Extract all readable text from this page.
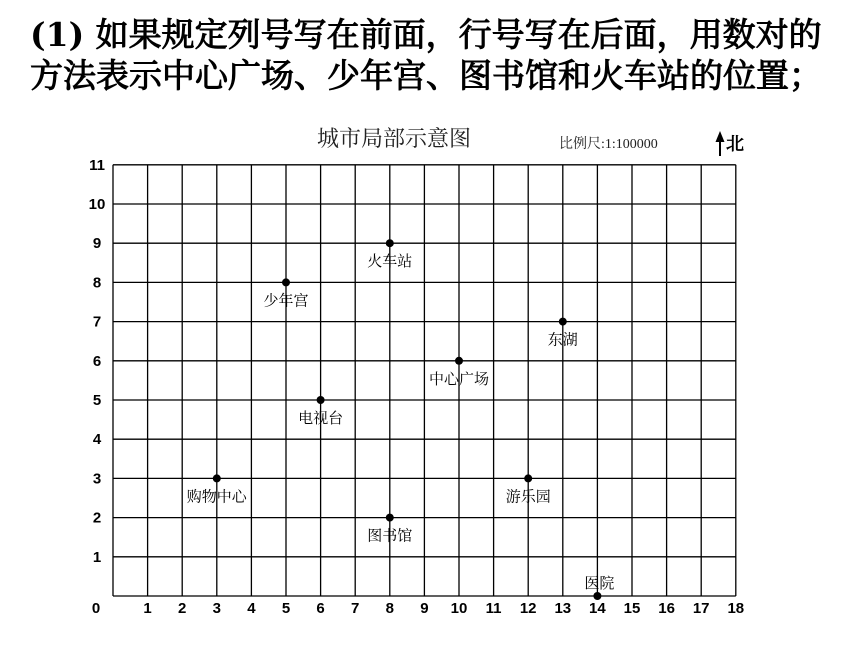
(1) 如果规定列号写在前面，行号写在后面，用数对的
方法表示中心广场、少年宫、图书馆和火车站的位置；
城市局部示意图	比例尺:1:100000	北
0	1 2 3 4 5 6 7 8 9 10 11 12 13 14 15 16 17 18
1
2
3
4
5
6
7
8
9
10
11
火车站
少年宫
东湖
中心广场
电视台
购物中心	游乐园
图书馆
医院
